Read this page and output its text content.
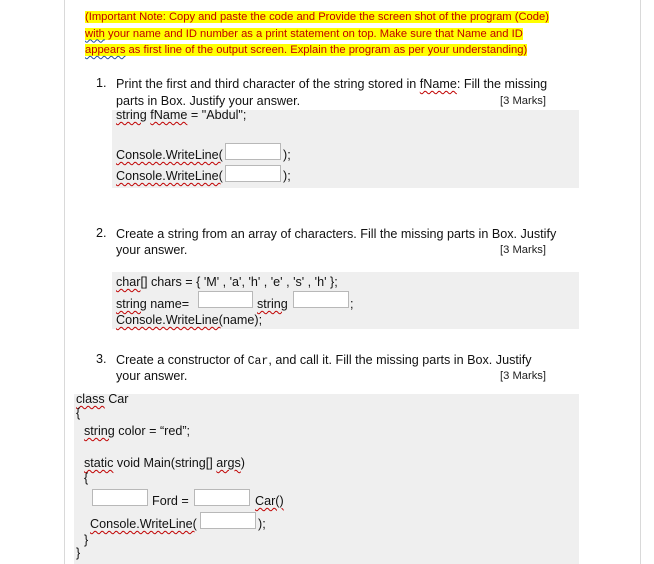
(Important Note: Copy and paste the code and Provide the screen shot of the program (Code)
with your name and ID number as a print statement on top. Make sure that Name and ID
appears as first line of the output screen. Explain the program as per your understanding)
1. Print the first and third character of the string stored in fName: Fill the missing
parts in Box. Justify your answer.	[3 Marks]
string fName = "Abdul";
Console.WriteLine(	);
Console.WriteLine(	);
2. Create a string from an array of characters. Fill the missing parts in Box. Justify
your answer.	[3 Marks]
char[] chars = { 'M' , 'a', 'h' , 'e' , 's' , 'h' };
string name=	string	;
Console.WriteLine(name);
3. Create a constructor of Car, and call it. Fill the missing parts in Box. Justify
your answer.	[3 Marks]
class Car
{
string color = “red”;
static void Main(string[] args)
{
Ford =	Car()
Console.WriteLine(	);
}
}
